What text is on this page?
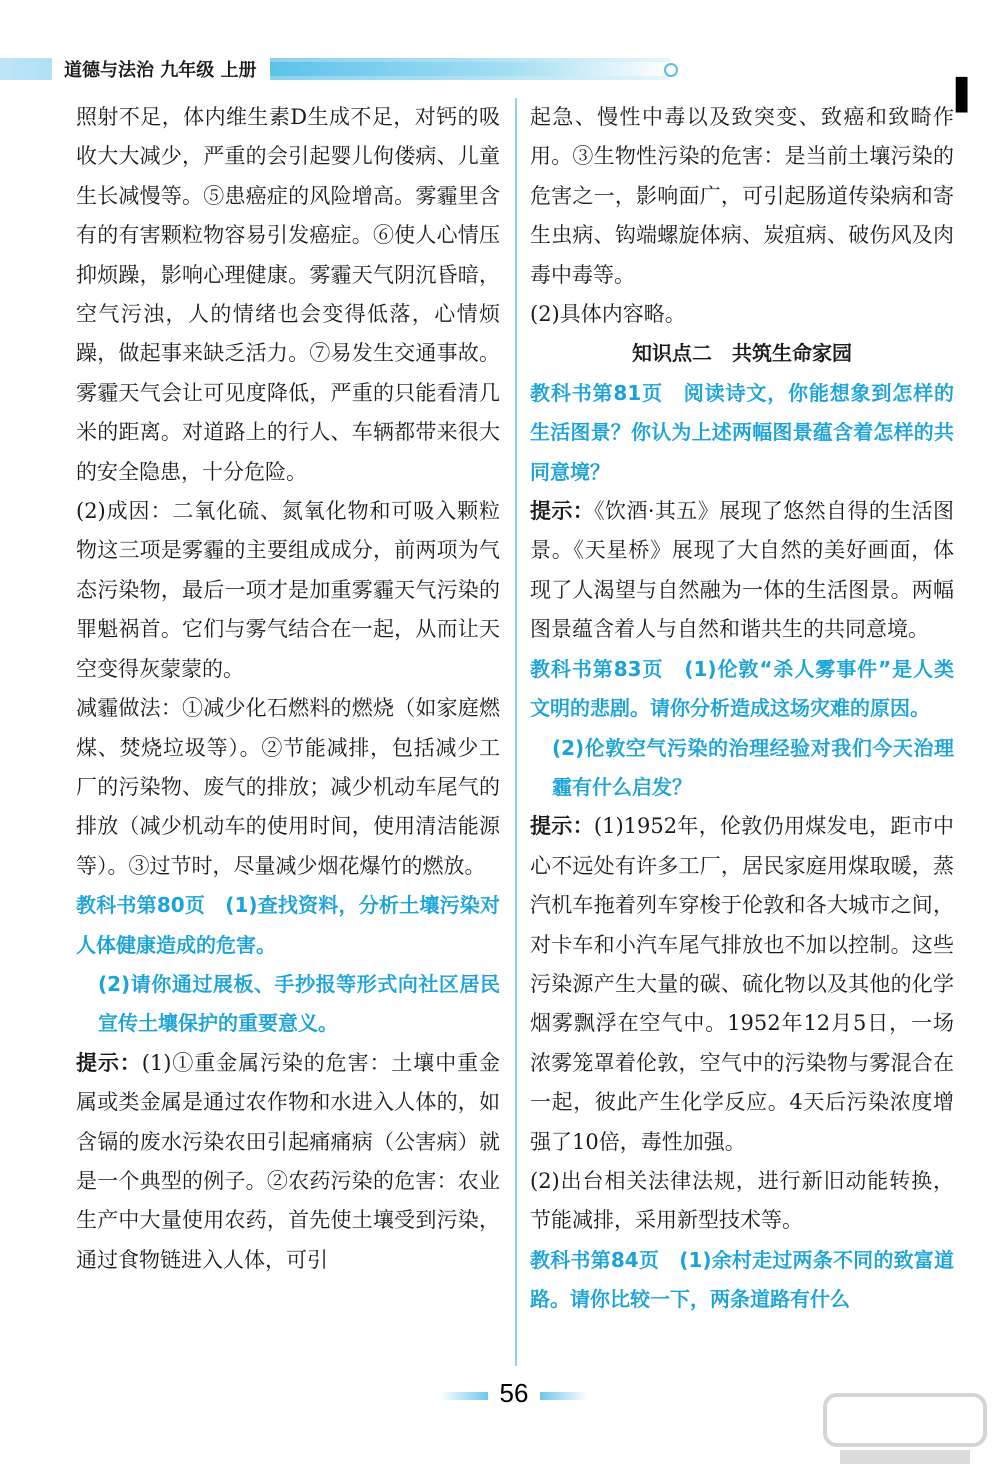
道德与法治 九年级 上册
▌

照射不足，体内维生素D生成不足，对钙的吸收大大减少，严重的会引起婴儿佝偻病、儿童生长减慢等。⑤患癌症的风险增高。雾霾里含有的有害颗粒物容易引发癌症。⑥使人心情压抑烦躁，影响心理健康。雾霾天气阴沉昏暗，空气污浊，人的情绪也会变得低落，心情烦躁，做起事来缺乏活力。⑦易发生交通事故。雾霾天气会让可见度降低，严重的只能看清几米的距离。对道路上的行人、车辆都带来很大的安全隐患，十分危险。

(2)成因：二氧化硫、氮氧化物和可吸入颗粒物这三项是雾霾的主要组成成分，前两项为气态污染物，最后一项才是加重雾霾天气污染的罪魁祸首。它们与雾气结合在一起，从而让天空变得灰蒙蒙的。

减霾做法：①减少化石燃料的燃烧（如家庭燃煤、焚烧垃圾等）。②节能减排，包括减少工厂的污染物、废气的排放；减少机动车尾气的排放（减少机动车的使用时间，使用清洁能源等）。③过节时，尽量减少烟花爆竹的燃放。

教科书第80页　(1)查找资料，分析土壤污染对人体健康造成的危害。

(2)请你通过展板、手抄报等形式向社区居民宣传土壤保护的重要意义。

提示：(1)①重金属污染的危害：土壤中重金属或类金属是通过农作物和水进入人体的，如含镉的废水污染农田引起痛痛病（公害病）就是一个典型的例子。②农药污染的危害：农业生产中大量使用农药，首先使土壤受到污染，通过食物链进入人体，可引

起急、慢性中毒以及致突变、致癌和致畸作用。③生物性污染的危害：是当前土壤污染的危害之一，影响面广，可引起肠道传染病和寄生虫病、钩端螺旋体病、炭疽病、破伤风及肉毒中毒等。

(2)具体内容略。

知识点二　共筑生命家园

教科书第81页　阅读诗文，你能想象到怎样的生活图景？你认为上述两幅图景蕴含着怎样的共同意境？

提示：《饮酒·其五》展现了悠然自得的生活图景。《天星桥》展现了大自然的美好画面，体现了人渴望与自然融为一体的生活图景。两幅图景蕴含着人与自然和谐共生的共同意境。

教科书第83页　(1)伦敦“杀人雾事件”是人类文明的悲剧。请你分析造成这场灾难的原因。

(2)伦敦空气污染的治理经验对我们今天治理霾有什么启发？

提示：(1)1952年，伦敦仍用煤发电，距市中心不远处有许多工厂，居民家庭用煤取暖，蒸汽机车拖着列车穿梭于伦敦和各大城市之间，对卡车和小汽车尾气排放也不加以控制。这些污染源产生大量的碳、硫化物以及其他的化学烟雾飘浮在空气中。1952年12月5日，一场浓雾笼罩着伦敦，空气中的污染物与雾混合在一起，彼此产生化学反应。4天后污染浓度增强了10倍，毒性加强。

(2)出台相关法律法规，进行新旧动能转换，节能减排，采用新型技术等。

教科书第84页　(1)余村走过两条不同的致富道路。请你比较一下，两条道路有什么

56
